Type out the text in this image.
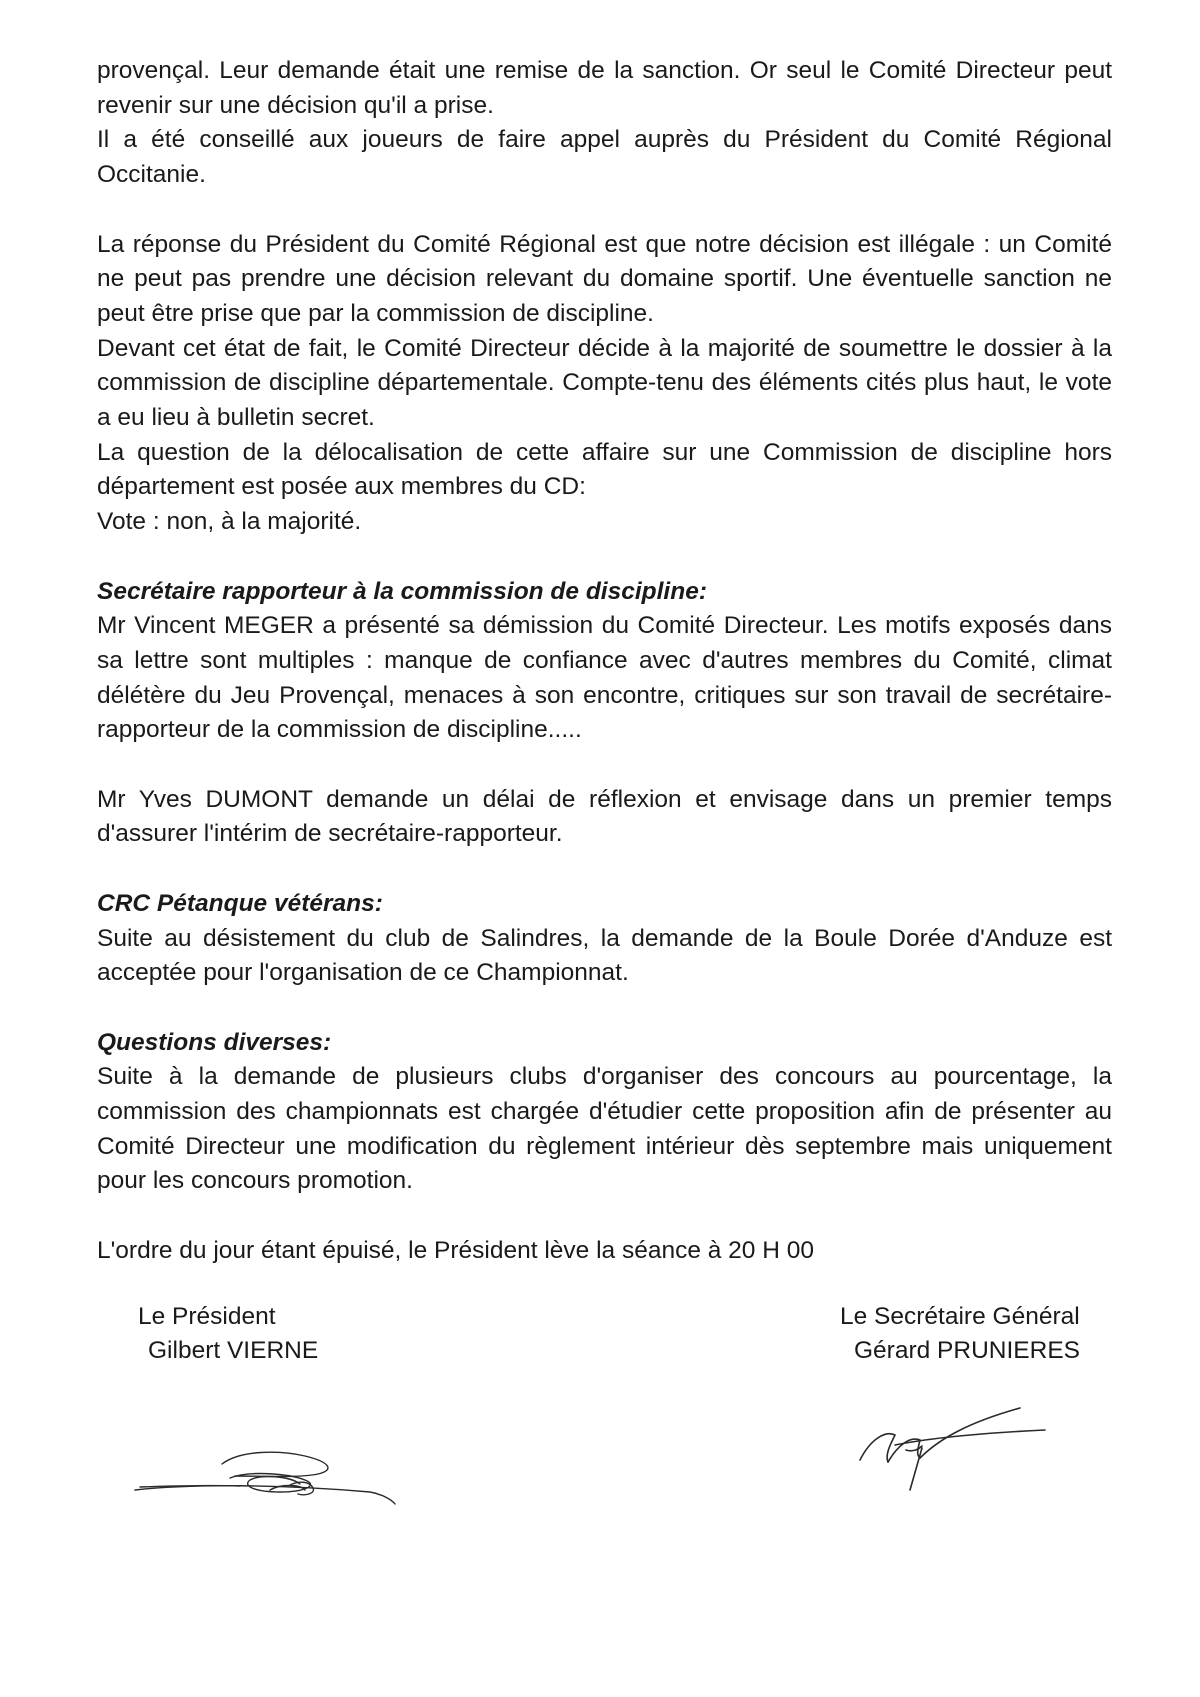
provençal. Leur demande était une remise de la sanction. Or seul le Comité Directeur peut revenir sur une décision qu'il a prise.

Il a été conseillé aux joueurs de faire appel auprès du Président du Comité Régional Occitanie.

La réponse du Président du Comité Régional est que notre décision est illégale : un Comité ne peut pas prendre une décision relevant du domaine sportif. Une éventuelle sanction ne peut être prise que par la commission de discipline.

Devant cet état de fait, le Comité Directeur décide à la majorité de soumettre le dossier à la commission de discipline départementale. Compte-tenu des éléments cités plus haut, le vote a eu lieu à bulletin secret.

La question de la délocalisation de cette affaire sur une Commission de discipline hors département est posée aux membres du CD:

Vote : non, à la majorité.

Secrétaire rapporteur à la commission de discipline:

Mr Vincent MEGER a présenté sa démission du Comité Directeur. Les motifs exposés dans sa lettre sont multiples : manque de confiance avec d'autres membres du Comité, climat délétère du Jeu Provençal, menaces à son encontre, critiques sur son travail de secrétaire-rapporteur de la commission de discipline.....

Mr Yves DUMONT demande un délai de réflexion et envisage dans un premier temps d'assurer l'intérim de secrétaire-rapporteur.

CRC Pétanque vétérans:

Suite au désistement du club de Salindres, la demande de la Boule Dorée d'Anduze est acceptée pour l'organisation de ce Championnat.

Questions diverses:

Suite à la demande de plusieurs clubs d'organiser des concours au pourcentage, la commission des championnats est chargée d'étudier cette proposition afin de présenter au Comité Directeur une modification du règlement intérieur dès septembre mais uniquement pour les concours promotion.

L'ordre du jour étant épuisé, le Président lève la séance à 20 H 00

Le Président
Gilbert VIERNE
Le Secrétaire Général
Gérard PRUNIERES
